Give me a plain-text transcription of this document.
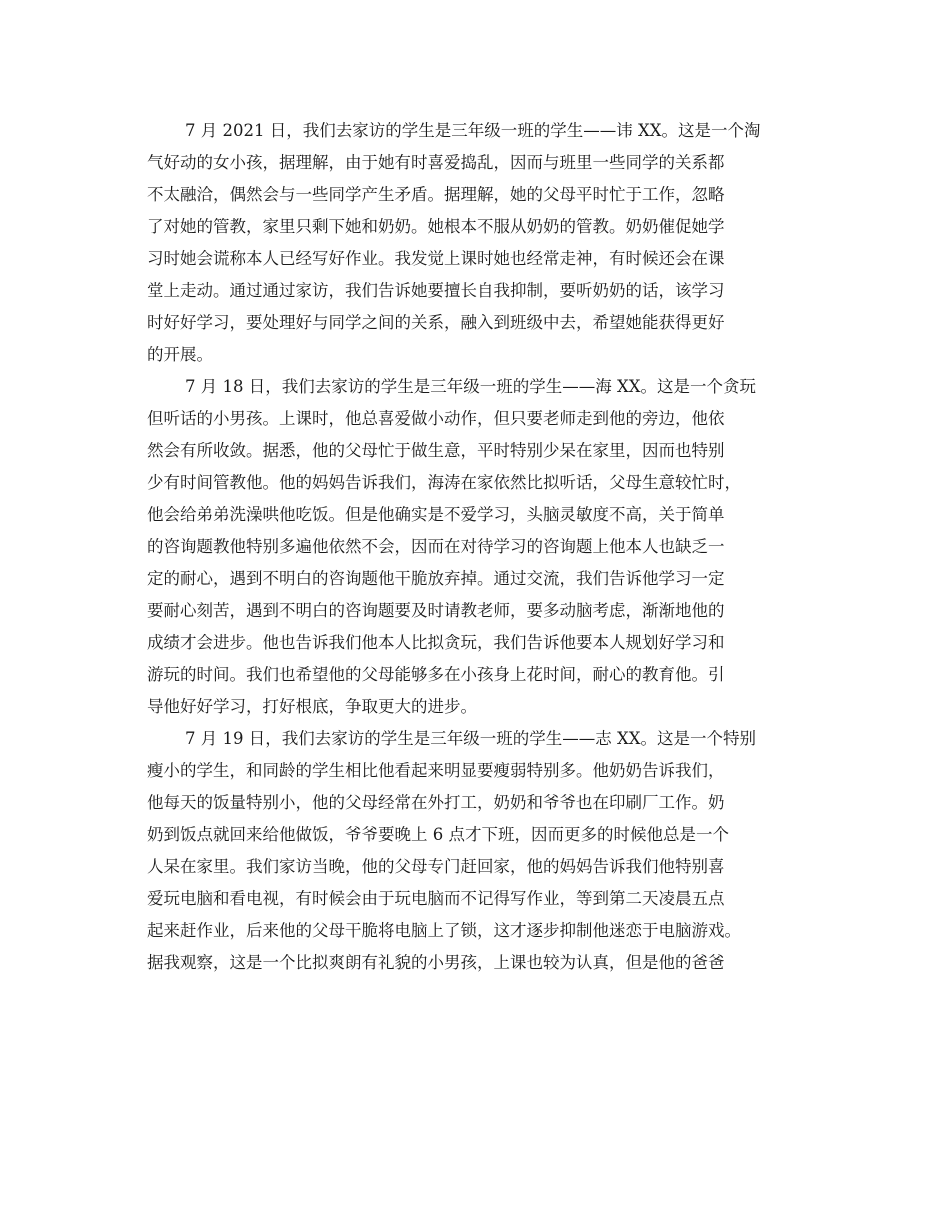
7 月 2021 日，我们去家访的学生是三年级一班的学生——讳 XX。这是一个淘
气好动的女小孩，据理解，由于她有时喜爱捣乱，因而与班里一些同学的关系都
不太融洽，偶然会与一些同学产生矛盾。据理解，她的父母平时忙于工作，忽略
了对她的管教，家里只剩下她和奶奶。她根本不服从奶奶的管教。奶奶催促她学
习时她会谎称本人已经写好作业。我发觉上课时她也经常走神，有时候还会在课
堂上走动。通过通过家访，我们告诉她要擅长自我抑制，要听奶奶的话，该学习
时好好学习，要处理好与同学之间的关系，融入到班级中去，希望她能获得更好
的开展。
7 月 18 日，我们去家访的学生是三年级一班的学生——海 XX。这是一个贪玩
但听话的小男孩。上课时，他总喜爱做小动作，但只要老师走到他的旁边，他依
然会有所收敛。据悉，他的父母忙于做生意，平时特别少呆在家里，因而也特别
少有时间管教他。他的妈妈告诉我们，海涛在家依然比拟听话，父母生意较忙时，
他会给弟弟洗澡哄他吃饭。但是他确实是不爱学习，头脑灵敏度不高，关于简单
的咨询题教他特别多遍他依然不会，因而在对待学习的咨询题上他本人也缺乏一
定的耐心，遇到不明白的咨询题他干脆放弃掉。通过交流，我们告诉他学习一定
要耐心刻苦，遇到不明白的咨询题要及时请教老师，要多动脑考虑，渐渐地他的
成绩才会进步。他也告诉我们他本人比拟贪玩，我们告诉他要本人规划好学习和
游玩的时间。我们也希望他的父母能够多在小孩身上花时间，耐心的教育他。引
导他好好学习，打好根底，争取更大的进步。
7 月 19 日，我们去家访的学生是三年级一班的学生——志 XX。这是一个特别
瘦小的学生，和同龄的学生相比他看起来明显要瘦弱特别多。他奶奶告诉我们，
他每天的饭量特别小，他的父母经常在外打工，奶奶和爷爷也在印刷厂工作。奶
奶到饭点就回来给他做饭，爷爷要晚上 6 点才下班，因而更多的时候他总是一个
人呆在家里。我们家访当晚，他的父母专门赶回家，他的妈妈告诉我们他特别喜
爱玩电脑和看电视，有时候会由于玩电脑而不记得写作业，等到第二天凌晨五点
起来赶作业，后来他的父母干脆将电脑上了锁，这才逐步抑制他迷恋于电脑游戏。
据我观察，这是一个比拟爽朗有礼貌的小男孩，上课也较为认真，但是他的爸爸
